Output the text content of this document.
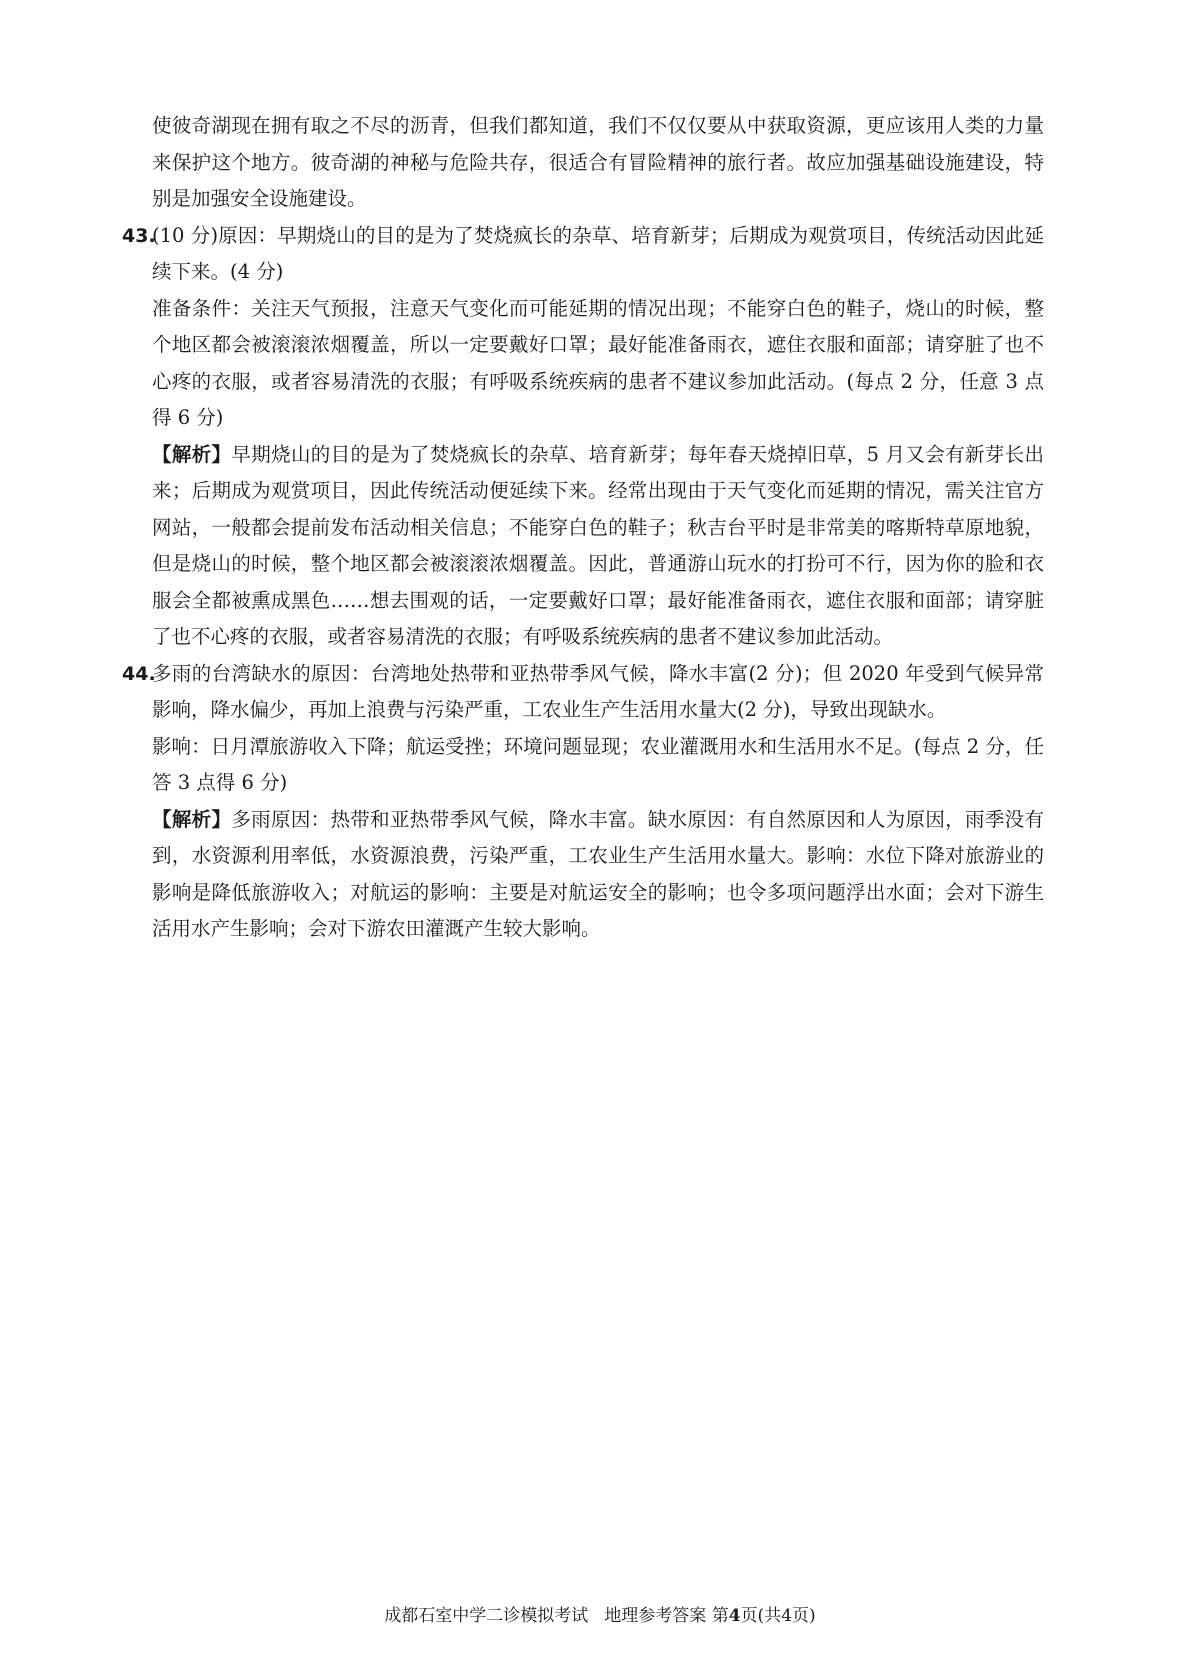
使彼奇湖现在拥有取之不尽的沥青，但我们都知道，我们不仅仅要从中获取资源，更应该用人类的力量来保护这个地方。彼奇湖的神秘与危险共存，很适合有冒险精神的旅行者。故应加强基础设施建设，特别是加强安全设施建设。

43.

(10 分)原因：早期烧山的目的是为了焚烧疯长的杂草、培育新芽；后期成为观赏项目，传统活动因此延续下来。(4 分)

准备条件：关注天气预报，注意天气变化而可能延期的情况出现；不能穿白色的鞋子，烧山的时候，整个地区都会被滚滚浓烟覆盖，所以一定要戴好口罩；最好能准备雨衣，遮住衣服和面部；请穿脏了也不心疼的衣服，或者容易清洗的衣服；有呼吸系统疾病的患者不建议参加此活动。(每点 2 分，任意 3 点得 6 分)

【解析】早期烧山的目的是为了焚烧疯长的杂草、培育新芽；每年春天烧掉旧草，5 月又会有新芽长出来；后期成为观赏项目，因此传统活动便延续下来。经常出现由于天气变化而延期的情况，需关注官方网站，一般都会提前发布活动相关信息；不能穿白色的鞋子；秋吉台平时是非常美的喀斯特草原地貌，但是烧山的时候，整个地区都会被滚滚浓烟覆盖。因此，普通游山玩水的打扮可不行，因为你的脸和衣服会全都被熏成黑色……想去围观的话，一定要戴好口罩；最好能准备雨衣，遮住衣服和面部；请穿脏了也不心疼的衣服，或者容易清洗的衣服；有呼吸系统疾病的患者不建议参加此活动。

44.

多雨的台湾缺水的原因：台湾地处热带和亚热带季风气候，降水丰富(2 分)；但 2020 年受到气候异常影响，降水偏少，再加上浪费与污染严重，工农业生产生活用水量大(2 分)，导致出现缺水。

影响：日月潭旅游收入下降；航运受挫；环境问题显现；农业灌溉用水和生活用水不足。(每点 2 分，任答 3 点得 6 分)

【解析】多雨原因：热带和亚热带季风气候，降水丰富。缺水原因：有自然原因和人为原因，雨季没有到，水资源利用率低，水资源浪费，污染严重，工农业生产生活用水量大。影响：水位下降对旅游业的影响是降低旅游收入；对航运的影响：主要是对航运安全的影响；也令多项问题浮出水面；会对下游生活用水产生影响；会对下游农田灌溉产生较大影响。

成都石室中学二诊模拟考试 地理参考答案 第4页(共4页)
